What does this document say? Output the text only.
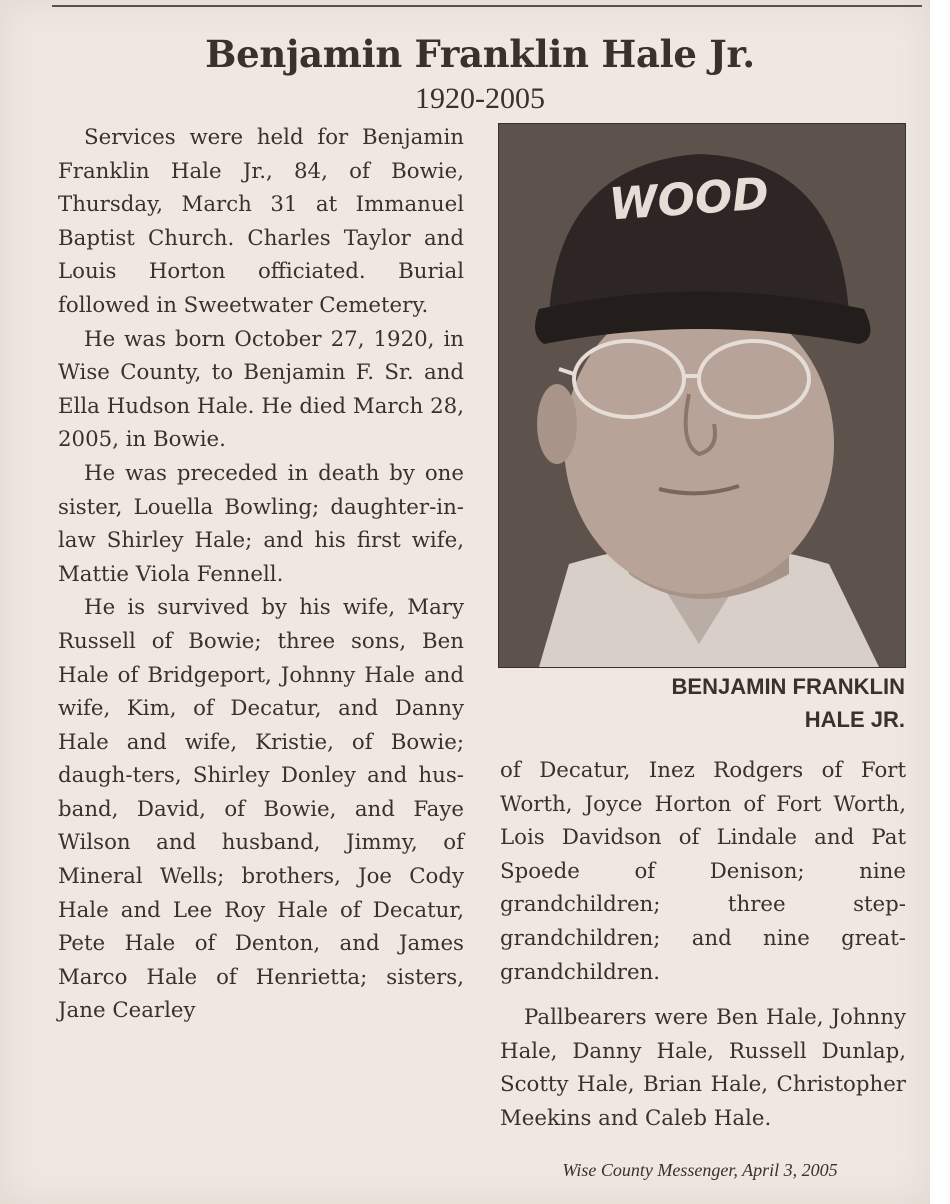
Benjamin Franklin Hale Jr.
1920-2005

Services were held for Benjamin Franklin Hale Jr., 84, of Bowie, Thursday, March 31 at Immanuel Baptist Church. Charles Taylor and Louis Horton officiated. Burial followed in Sweetwater Cemetery.

He was born October 27, 1920, in Wise County, to Benjamin F. Sr. and Ella Hudson Hale. He died March 28, 2005, in Bowie.

He was preceded in death by one sister, Louella Bowling; daughter-in-law Shirley Hale; and his first wife, Mattie Viola Fennell.

He is survived by his wife, Mary Russell of Bowie; three sons, Ben Hale of Bridgeport, Johnny Hale and wife, Kim, of Decatur, and Danny Hale and wife, Kristie, of Bowie; daugh-ters, Shirley Donley and hus-band, David, of Bowie, and Faye Wilson and husband, Jimmy, of Mineral Wells; brothers, Joe Cody Hale and Lee Roy Hale of Decatur, Pete Hale of Denton, and James Marco Hale of Henrietta; sisters, Jane Cearley

WOOD
BENJAMIN FRANKLIN
HALE JR.

of Decatur, Inez Rodgers of Fort Worth, Joyce Horton of Fort Worth, Lois Davidson of Lindale and Pat Spoede of Denison; nine grandchildren; three step-grandchildren; and nine great-grandchildren.

Pallbearers were Ben Hale, Johnny Hale, Danny Hale, Russell Dunlap, Scotty Hale, Brian Hale, Christopher Meekins and Caleb Hale.

Wise County Messenger, April 3, 2005
